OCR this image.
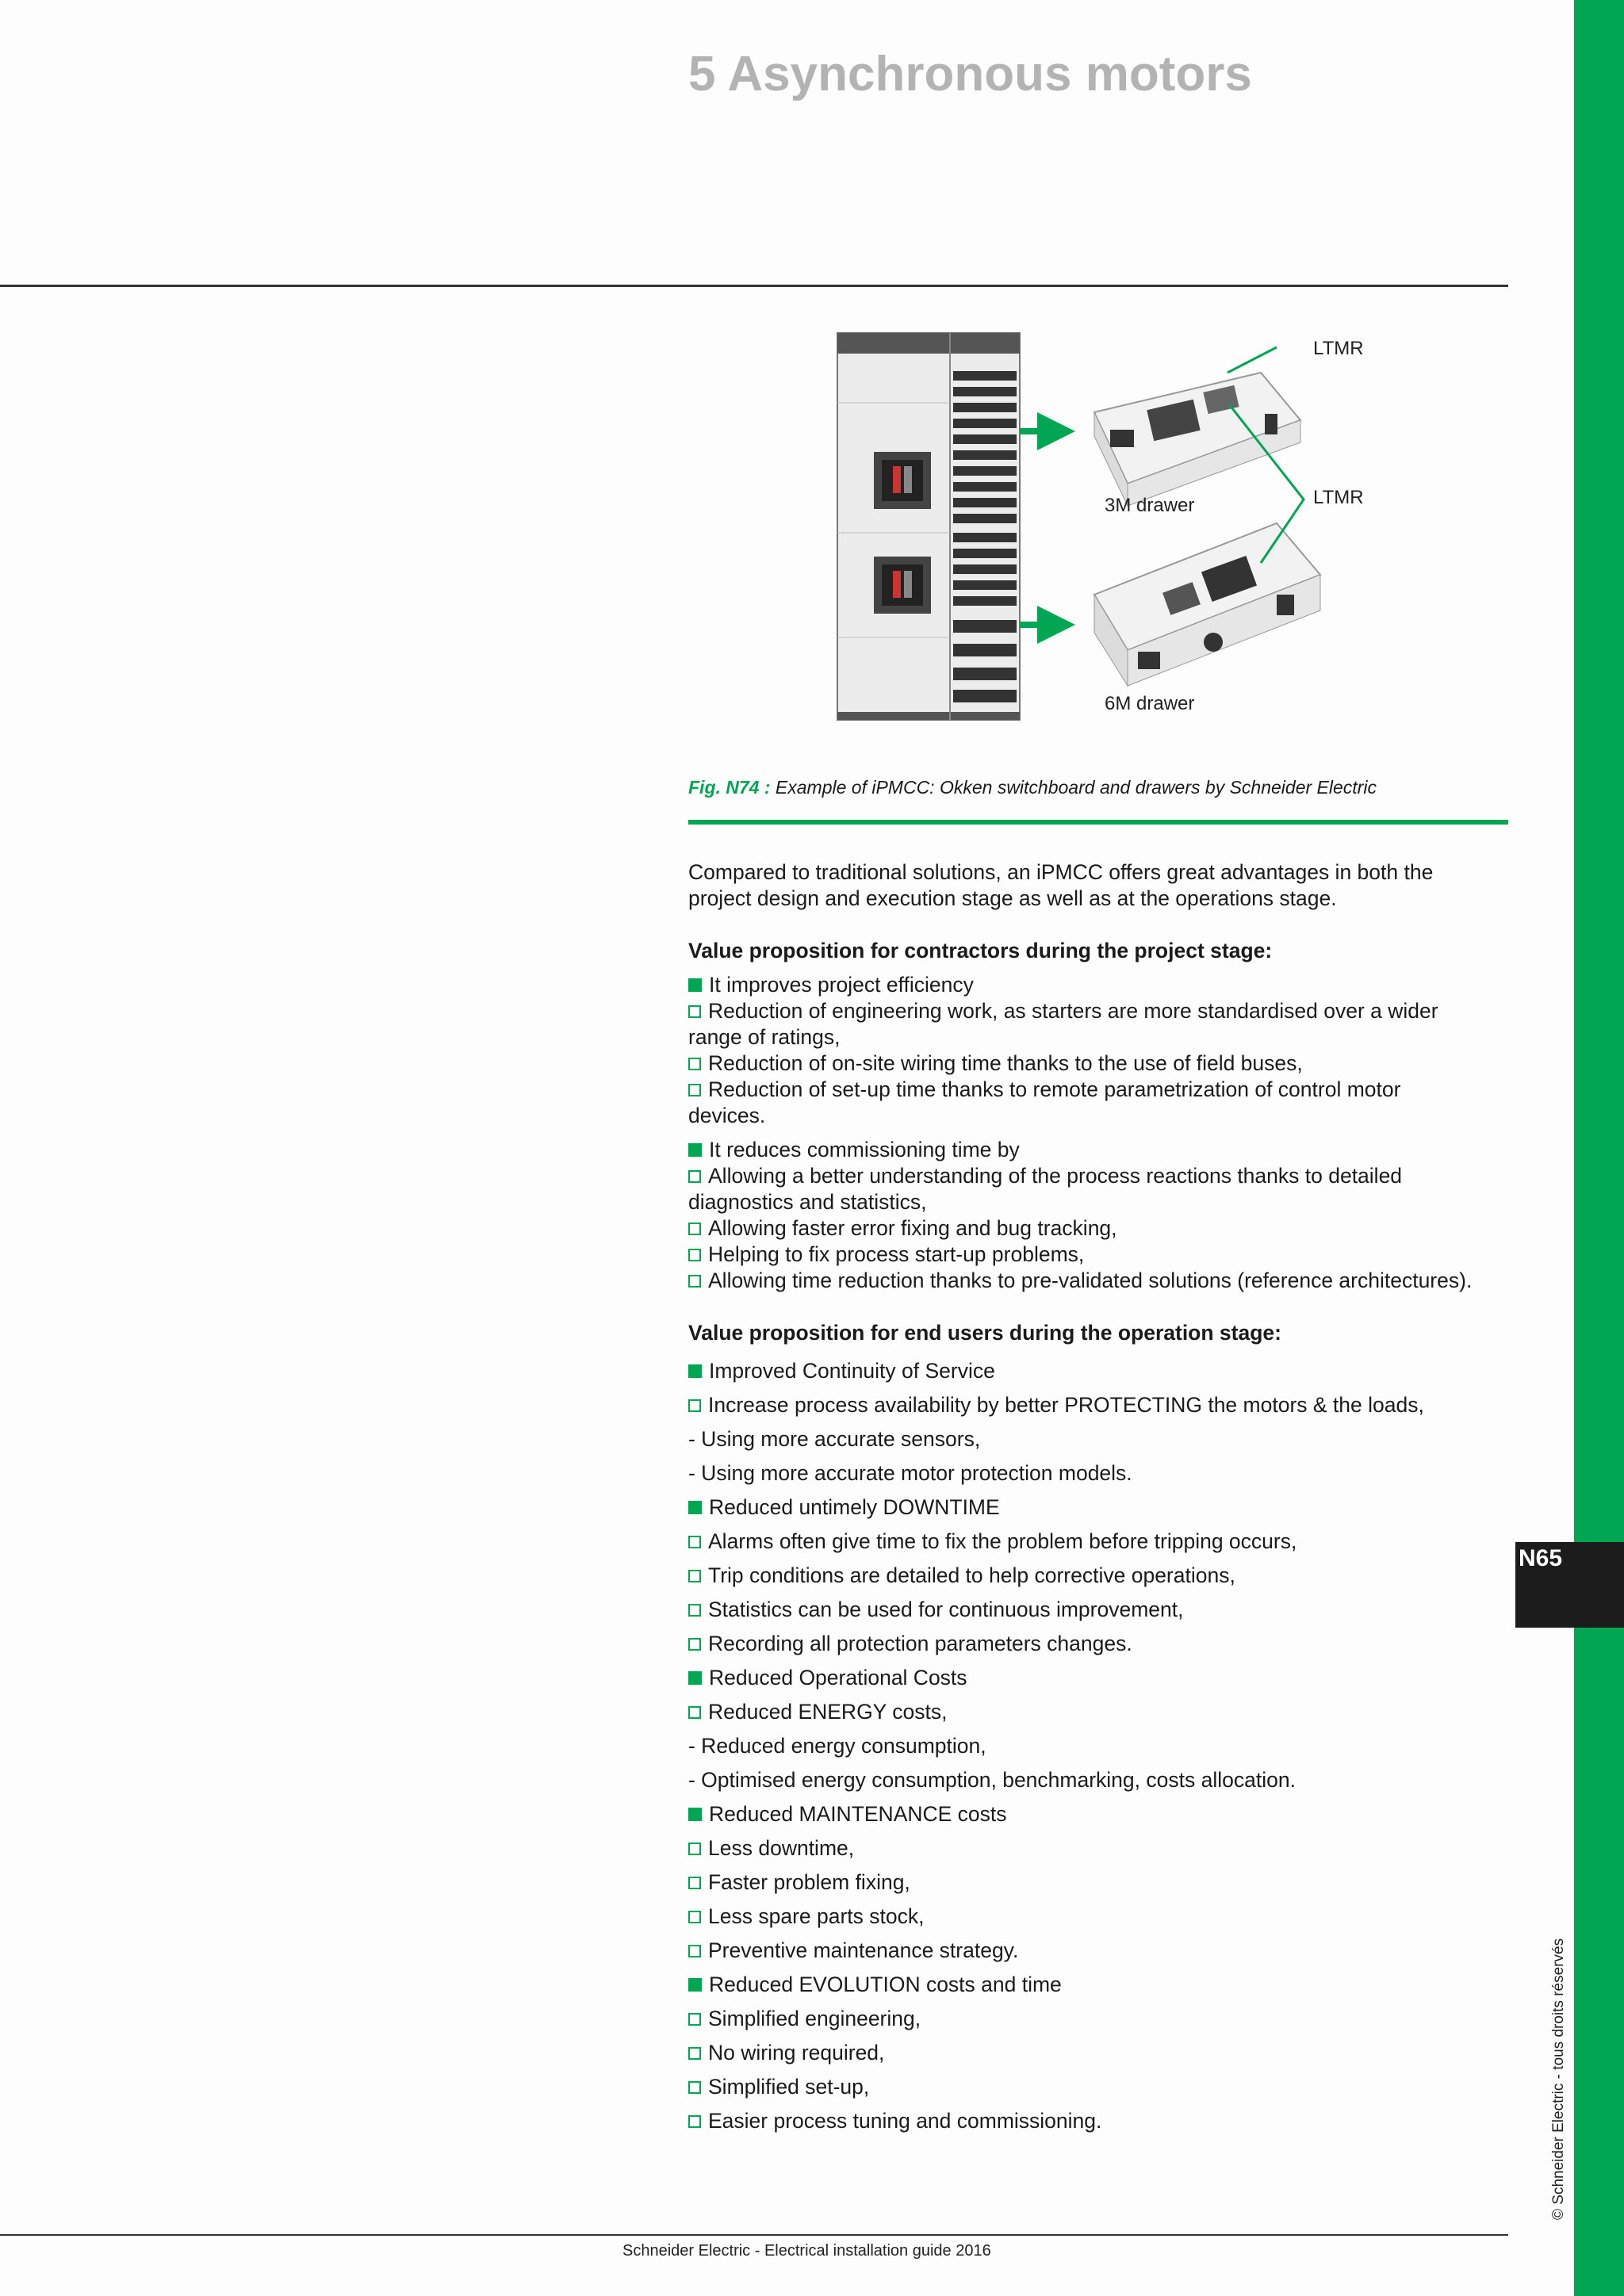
N65
© Schneider Electric - tous droits réservés
5 Asynchronous motors
LTMR
LTMR
3M drawer
6M drawer
Fig. N74 : Example of iPMCC: Okken switchboard and drawers by Schneider Electric
Compared to traditional solutions, an iPMCC offers great advantages in both the
project design and execution stage as well as at the operations stage.
Value proposition for contractors during the project stage:
It improves project efficiency
Reduction of engineering work, as starters are more standardised over a wider
range of ratings,
Reduction of on-site wiring time thanks to the use of field buses,
Reduction of set-up time thanks to remote parametrization of control motor
devices.
It reduces commissioning time by
Allowing a better understanding of the process reactions thanks to detailed
diagnostics and statistics,
Allowing faster error fixing and bug tracking,
Helping to fix process start-up problems,
Allowing time reduction thanks to pre-validated solutions (reference architectures).
Value proposition for end users during the operation stage:
Improved Continuity of Service
Increase process availability by better PROTECTING the motors & the loads,
- Using more accurate sensors,
- Using more accurate motor protection models.
Reduced untimely DOWNTIME
Alarms often give time to fix the problem before tripping occurs,
Trip conditions are detailed to help corrective operations,
Statistics can be used for continuous improvement,
Recording all protection parameters changes.
Reduced Operational Costs
Reduced ENERGY costs,
- Reduced energy consumption,
- Optimised energy consumption, benchmarking, costs allocation.
Reduced MAINTENANCE costs
Less downtime,
Faster problem fixing,
Less spare parts stock,
Preventive maintenance strategy.
Reduced EVOLUTION costs and time
Simplified engineering,
No wiring required,
Simplified set-up,
Easier process tuning and commissioning.
Schneider Electric - Electrical installation guide 2016
